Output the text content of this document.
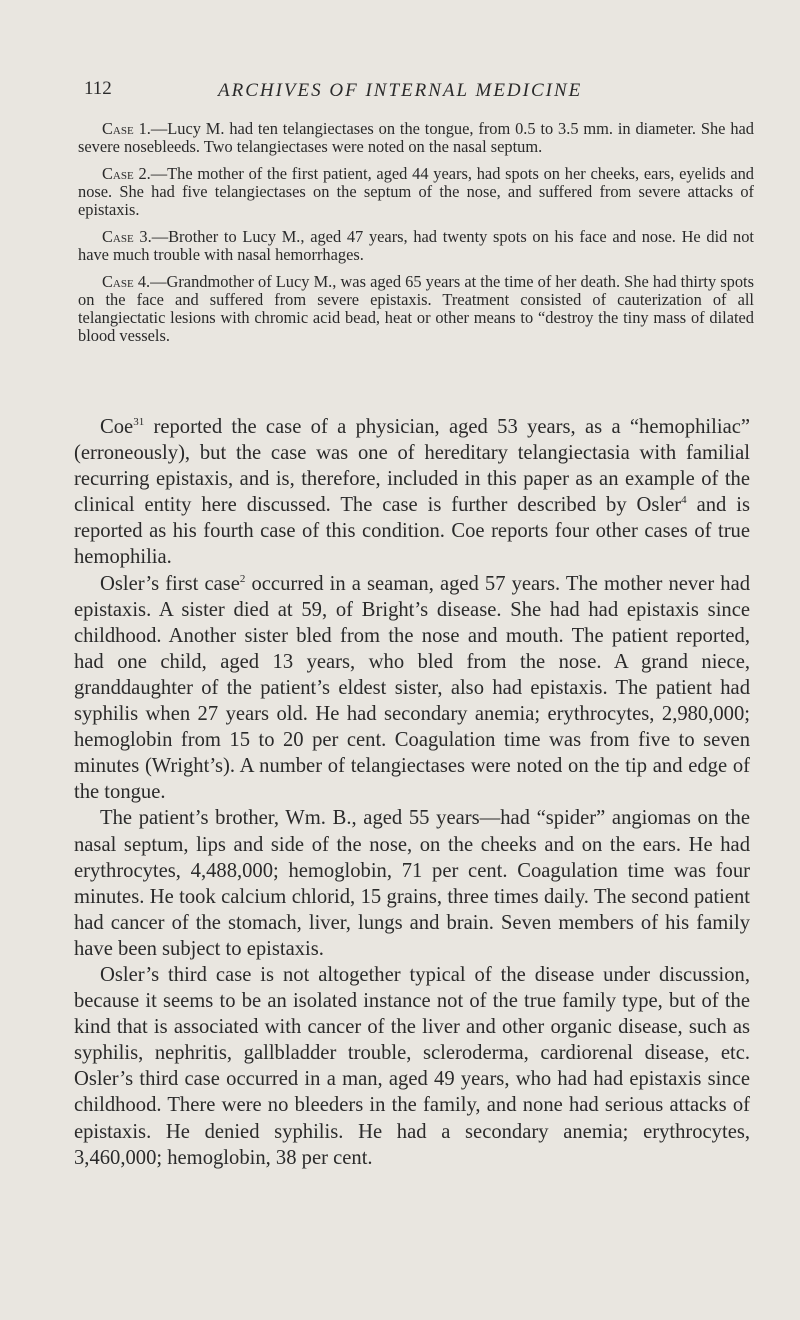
112	ARCHIVES OF INTERNAL MEDICINE

Case 1.—Lucy M. had ten telangiectases on the tongue, from 0.5 to 3.5 mm. in diameter. She had severe nosebleeds. Two telangiectases were noted on the nasal septum.

Case 2.—The mother of the first patient, aged 44 years, had spots on her cheeks, ears, eyelids and nose. She had five telangiectases on the septum of the nose, and suffered from severe attacks of epistaxis.

Case 3.—Brother to Lucy M., aged 47 years, had twenty spots on his face and nose. He did not have much trouble with nasal hemorrhages.

Case 4.—Grandmother of Lucy M., was aged 65 years at the time of her death. She had thirty spots on the face and suffered from severe epistaxis. Treatment consisted of cauterization of all telangiectatic lesions with chromic acid bead, heat or other means to “destroy the tiny mass of dilated blood vessels.

Coe$^{31}$ reported the case of a physician, aged 53 years, as a “hemophiliac” (erroneously), but the case was one of hereditary telangiectasia with familial recurring epistaxis, and is, therefore, included in this paper as an example of the clinical entity here discussed. The case is further described by Osler$^4$ and is reported as his fourth case of this condition. Coe reports four other cases of true hemophilia.

Osler’s first case$^2$ occurred in a seaman, aged 57 years. The mother never had epistaxis. A sister died at 59, of Bright’s disease. She had had epistaxis since childhood. Another sister bled from the nose and mouth. The patient reported, had one child, aged 13 years, who bled from the nose. A grand niece, granddaughter of the patient’s eldest sister, also had epistaxis. The patient had syphilis when 27 years old. He had secondary anemia; erythrocytes, 2,980,000; hemoglobin from 15 to 20 per cent. Coagulation time was from five to seven minutes (Wright’s). A number of telangiectases were noted on the tip and edge of the tongue.

The patient’s brother, Wm. B., aged 55 years—had “spider” angiomas on the nasal septum, lips and side of the nose, on the cheeks and on the ears. He had erythrocytes, 4,488,000; hemoglobin, 71 per cent. Coagulation time was four minutes. He took calcium chlorid, 15 grains, three times daily. The second patient had cancer of the stomach, liver, lungs and brain. Seven members of his family have been subject to epistaxis.

Osler’s third case is not altogether typical of the disease under discussion, because it seems to be an isolated instance not of the true family type, but of the kind that is associated with cancer of the liver and other organic disease, such as syphilis, nephritis, gallbladder trouble, scleroderma, cardiorenal disease, etc. Osler’s third case occurred in a man, aged 49 years, who had had epistaxis since childhood. There were no bleeders in the family, and none had serious attacks of epistaxis. He denied syphilis. He had a secondary anemia; erythrocytes, 3,460,000; hemoglobin, 38 per cent.
